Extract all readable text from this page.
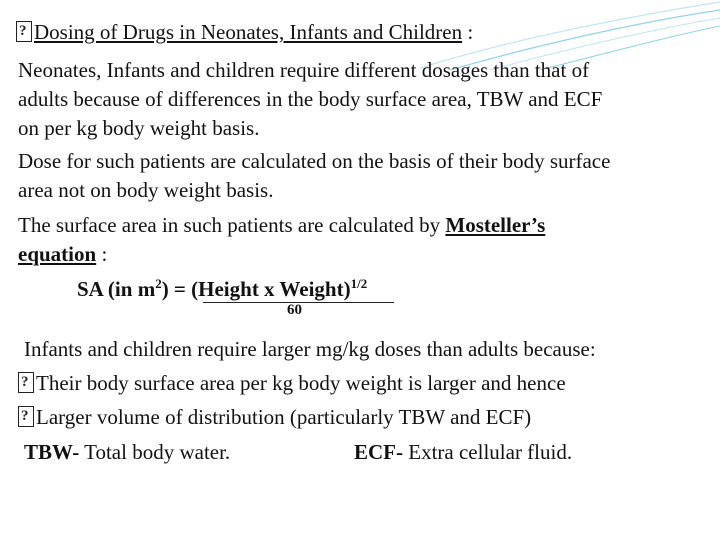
?Dosing of Drugs in Neonates, Infants and Children :
Neonates, Infants and children require different dosages than that of
adults because of differences in the body surface area, TBW and ECF
on per kg body weight basis.
Dose for such patients are calculated on the basis of their body surface
area not on body weight basis.
The surface area in such patients are calculated by Mosteller’s
equation :
SA (in $m^2$) = (Height x Weight)$^{1/2}$
60
Infants and children require larger mg/kg doses than adults because:
?Their body surface area per kg body weight is larger and hence
?Larger volume of distribution (particularly TBW and ECF)
TBW- Total body water.	ECF- Extra cellular fluid.
